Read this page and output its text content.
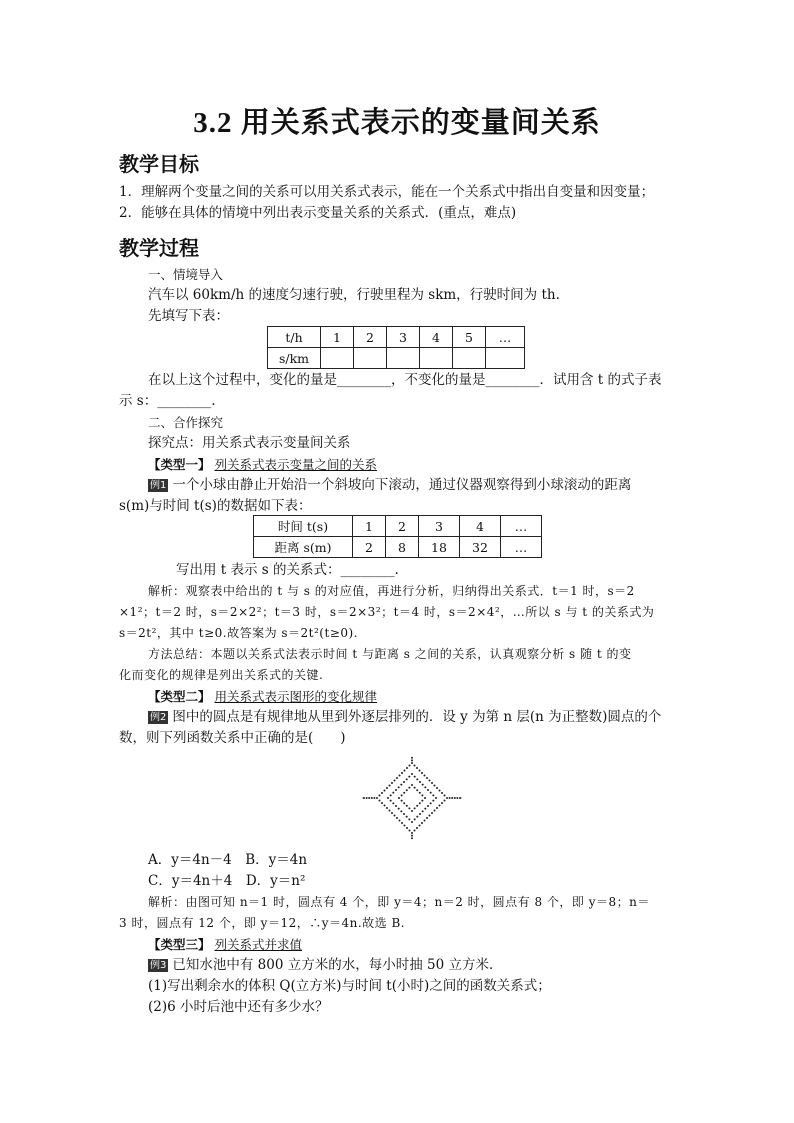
3.2 用关系式表示的变量间关系
教学目标
1．理解两个变量之间的关系可以用关系式表示，能在一个关系式中指出自变量和因变量；
2．能够在具体的情境中列出表示变量关系的关系式．(重点，难点)
教学过程
一、情境导入
汽车以 60km/h 的速度匀速行驶，行驶里程为 skm，行驶时间为 th.
先填写下表：
t/h	1	2	3	4	5	…
s/km						
在以上这个过程中，变化的量是________，不变化的量是________．试用含 t 的式子表
示 s：________.
二、合作探究
探究点：用关系式表示变量间关系
【类型一】 列关系式表示变量之间的关系
例1 一个小球由静止开始沿一个斜坡向下滚动，通过仪器观察得到小球滚动的距离
s(m)与时间 t(s)的数据如下表：
时间 t(s)	1	2	3	4	…
距离 s(m)	2	8	18	32	…
写出用 t 表示 s 的关系式：________.
解析：观察表中给出的 t 与 s 的对应值，再进行分析，归纳得出关系式．t＝1 时，s＝2
×1²；t＝2 时，s＝2×2²；t＝3 时，s＝2×3²；t＝4 时，s＝2×4²，…所以 s 与 t 的关系式为
s＝2t²，其中 t≥0.故答案为 s＝2t²(t≥0).
方法总结：本题以关系式法表示时间 t 与距离 s 之间的关系，认真观察分析 s 随 t 的变
化而变化的规律是列出关系式的关键.
【类型二】 用关系式表示图形的变化规律
例2 图中的圆点是有规律地从里到外逐层排列的．设 y 为第 n 层(n 为正整数)圆点的个
数，则下列函数关系中正确的是(　　)
A．y＝4n－4　B．y＝4n
C．y＝4n＋4　D．y＝n²
解析：由图可知 n＝1 时，圆点有 4 个，即 y＝4；n＝2 时，圆点有 8 个，即 y＝8；n＝
3 时，圆点有 12 个，即 y＝12，∴y＝4n.故选 B.
【类型三】 列关系式并求值
例3 已知水池中有 800 立方米的水，每小时抽 50 立方米．
(1)写出剩余水的体积 Q(立方米)与时间 t(小时)之间的函数关系式；
(2)6 小时后池中还有多少水？
